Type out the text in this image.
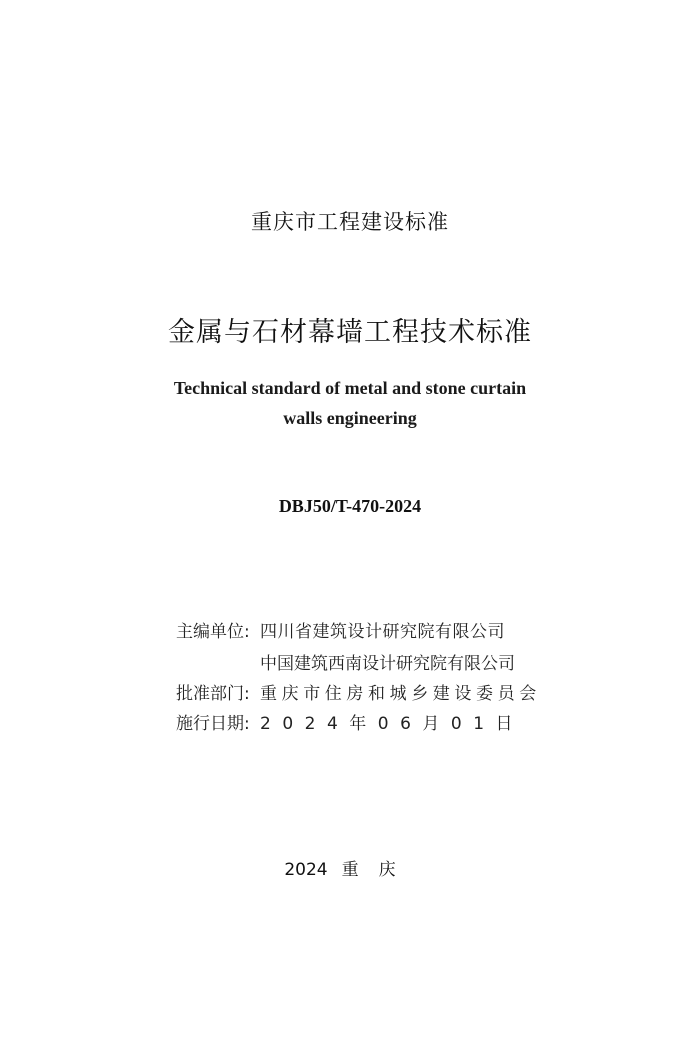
重庆市工程建设标准
金属与石材幕墙工程技术标准
Technical standard of metal and stone curtain
walls engineering
DBJ50/T-470-2024
主编单位: 四川省建筑设计研究院有限公司
中国建筑西南设计研究院有限公司
批准部门: 重庆市住房和城乡建设委员会
施行日期: 2024年06月01日
2024 重庆
